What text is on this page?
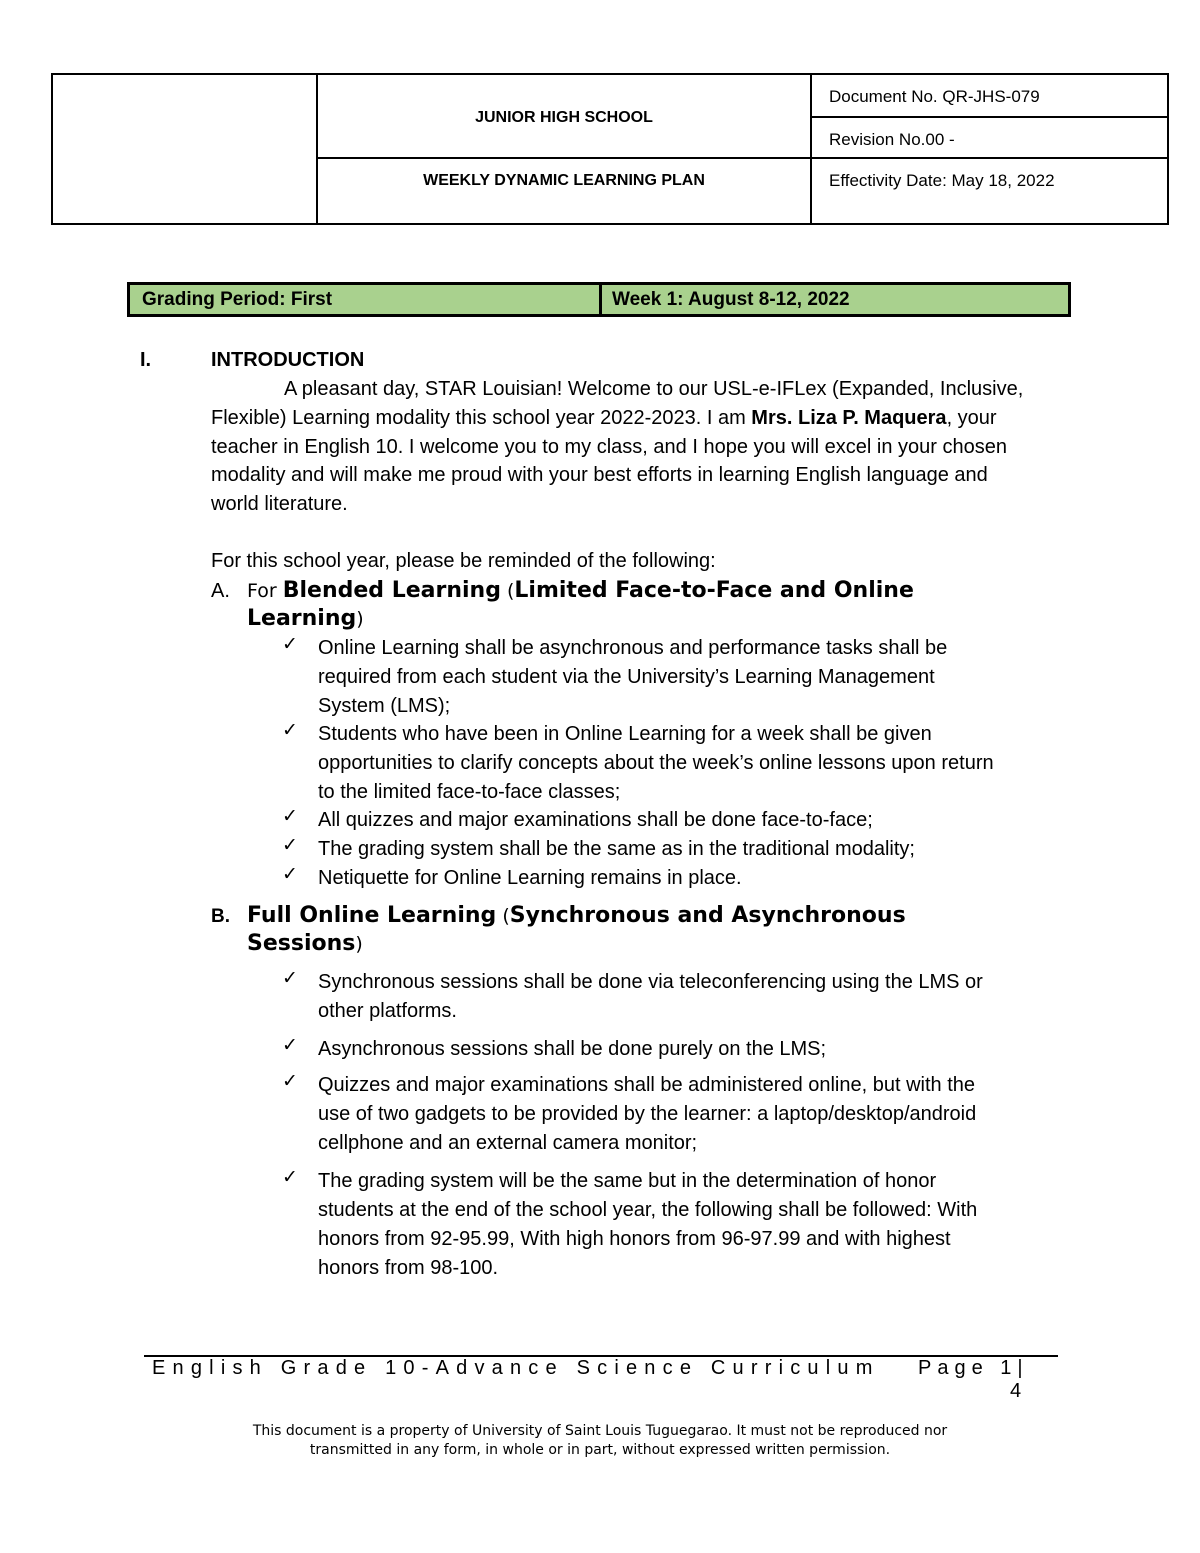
JUNIOR HIGH SCHOOL
WEEKLY DYNAMIC LEARNING PLAN
Document No. QR-JHS-079
Revision No.00 -
Effectivity Date: May 18, 2022
Grading Period: First	Week 1: August 8-12, 2022
I.	INTRODUCTION
A pleasant day, STAR Louisian! Welcome to our USL-e-IFLex (Expanded, Inclusive,
Flexible) Learning modality this school year 2022-2023. I am Mrs. Liza P. Maquera, your
teacher in English 10. I welcome you to my class, and I hope you will excel in your chosen
modality and will make me proud with your best efforts in learning English language and
world literature.
For this school year, please be reminded of the following:
A. For Blended Learning (Limited Face-to-Face and Online
Learning)
✓ Online Learning shall be asynchronous and performance tasks shall be
required from each student via the University’s Learning Management
System (LMS);
✓ Students who have been in Online Learning for a week shall be given
opportunities to clarify concepts about the week’s online lessons upon return
to the limited face-to-face classes;
✓ All quizzes and major examinations shall be done face-to-face;
✓ The grading system shall be the same as in the traditional modality;
✓ Netiquette for Online Learning remains in place.
B. Full Online Learning (Synchronous and Asynchronous
Sessions)
✓ Synchronous sessions shall be done via teleconferencing using the LMS or
other platforms.
✓ Asynchronous sessions shall be done purely on the LMS;
✓ Quizzes and major examinations shall be administered online, but with the
use of two gadgets to be provided by the learner: a laptop/desktop/android
cellphone and an external camera monitor;
✓ The grading system will be the same but in the determination of honor
students at the end of the school year, the following shall be followed: With
honors from 92-95.99, With high honors from 96-97.99 and with highest
honors from 98-100.
English Grade 10-Advance Science Curriculum Page 1|
4
This document is a property of University of Saint Louis Tuguegarao. It must not be reproduced nor
transmitted in any form, in whole or in part, without expressed written permission.
